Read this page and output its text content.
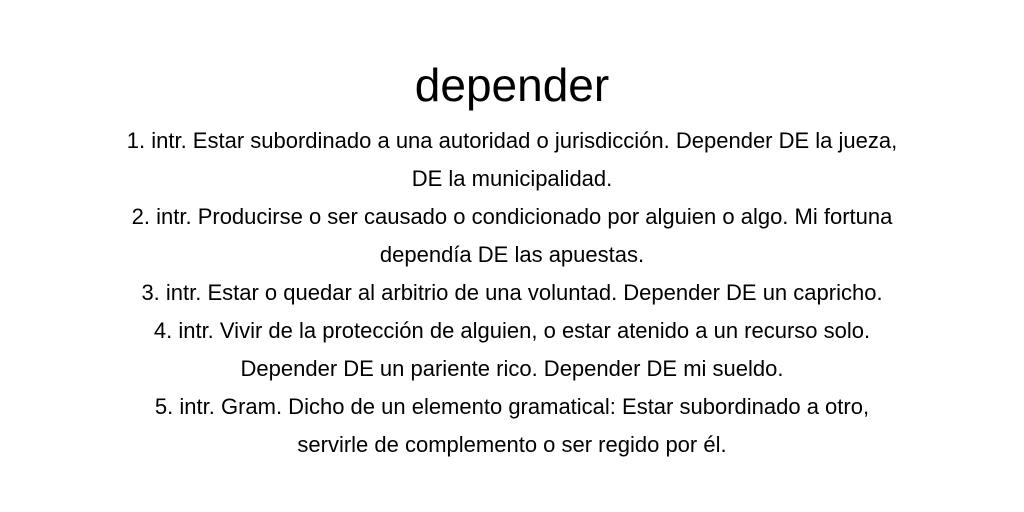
depender
1. intr. Estar subordinado a una autoridad o jurisdicción. Depender DE la jueza,
DE la municipalidad.
2. intr. Producirse o ser causado o condicionado por alguien o algo. Mi fortuna
dependía DE las apuestas.
3. intr. Estar o quedar al arbitrio de una voluntad. Depender DE un capricho.
4. intr. Vivir de la protección de alguien, o estar atenido a un recurso solo.
Depender DE un pariente rico. Depender DE mi sueldo.
5. intr. Gram. Dicho de un elemento gramatical: Estar subordinado a otro,
servirle de complemento o ser regido por él.
